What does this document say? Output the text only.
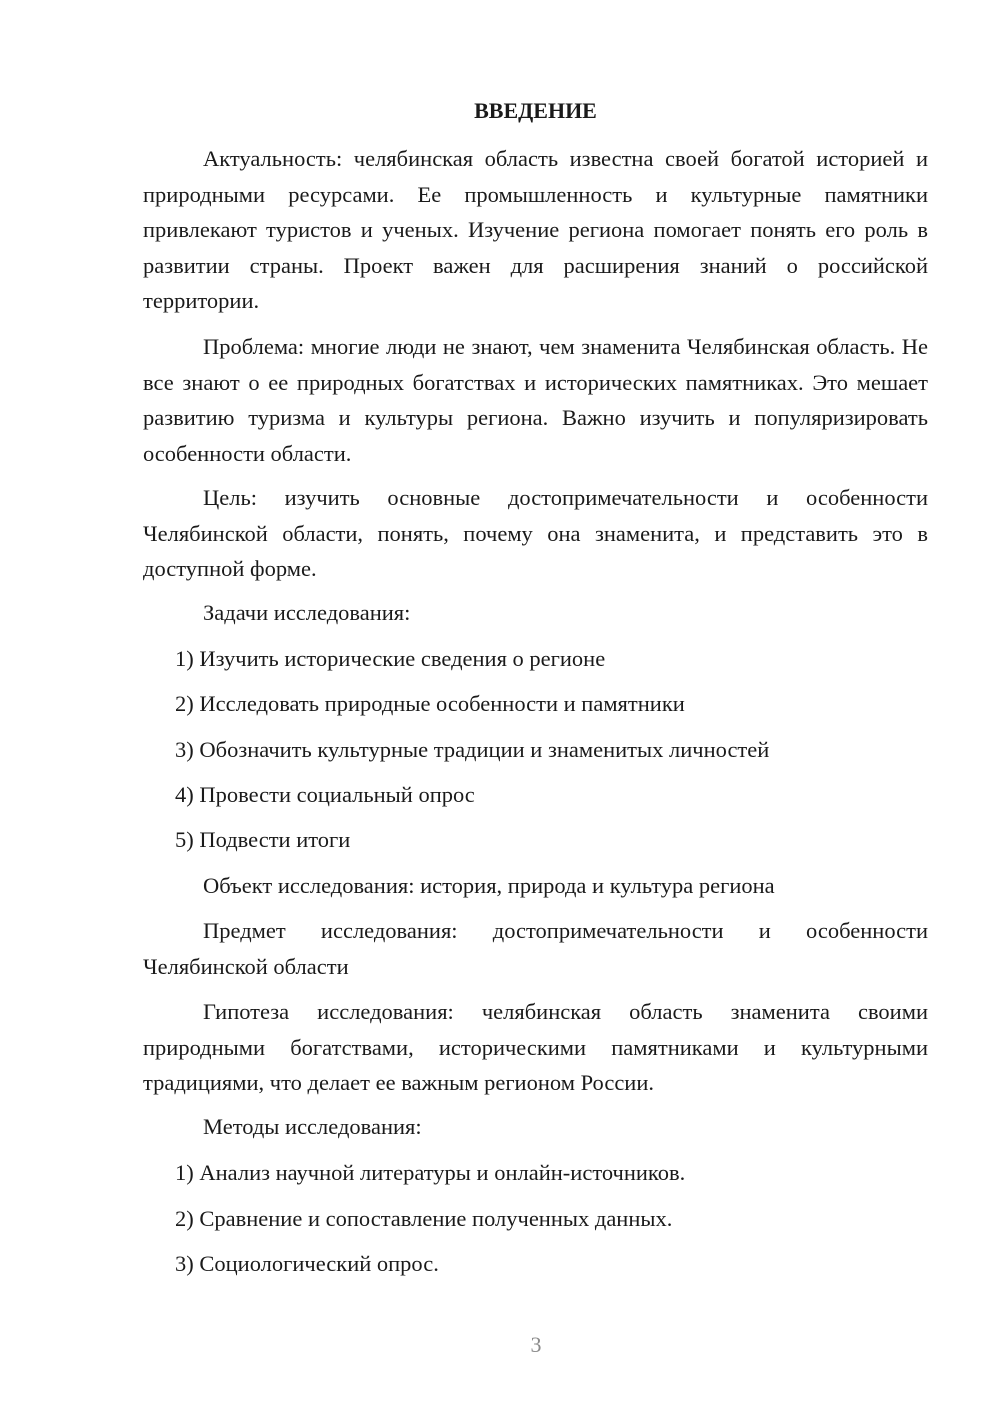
ВВЕДЕНИЕ

Актуальность: челябинская область известна своей богатой историей и природными ресурсами. Ее промышленность и культурные памятники привлекают туристов и ученых. Изучение региона помогает понять его роль в развитии страны. Проект важен для расширения знаний о российской территории.

Проблема: многие люди не знают, чем знаменита Челябинская область. Не все знают о ее природных богатствах и исторических памятниках. Это мешает развитию туризма и культуры региона. Важно изучить и популяризировать особенности области.

Цель: изучить основные достопримечательности и особенности Челябинской области, понять, почему она знаменита, и представить это в доступной форме.

Задачи исследования:
1) Изучить исторические сведения о регионе
2) Исследовать природные особенности и памятники
3) Обозначить культурные традиции и знаменитых личностей
4) Провести социальный опрос
5) Подвести итоги
Объект исследования: история, природа и культура региона

Предмет исследования: достопримечательности и особенности Челябинской области

Гипотеза исследования: челябинская область знаменита своими природными богатствами, историческими памятниками и культурными традициями, что делает ее важным регионом России.

Методы исследования:
1) Анализ научной литературы и онлайн-источников.
2) Сравнение и сопоставление полученных данных.
3) Социологический опрос.
3
